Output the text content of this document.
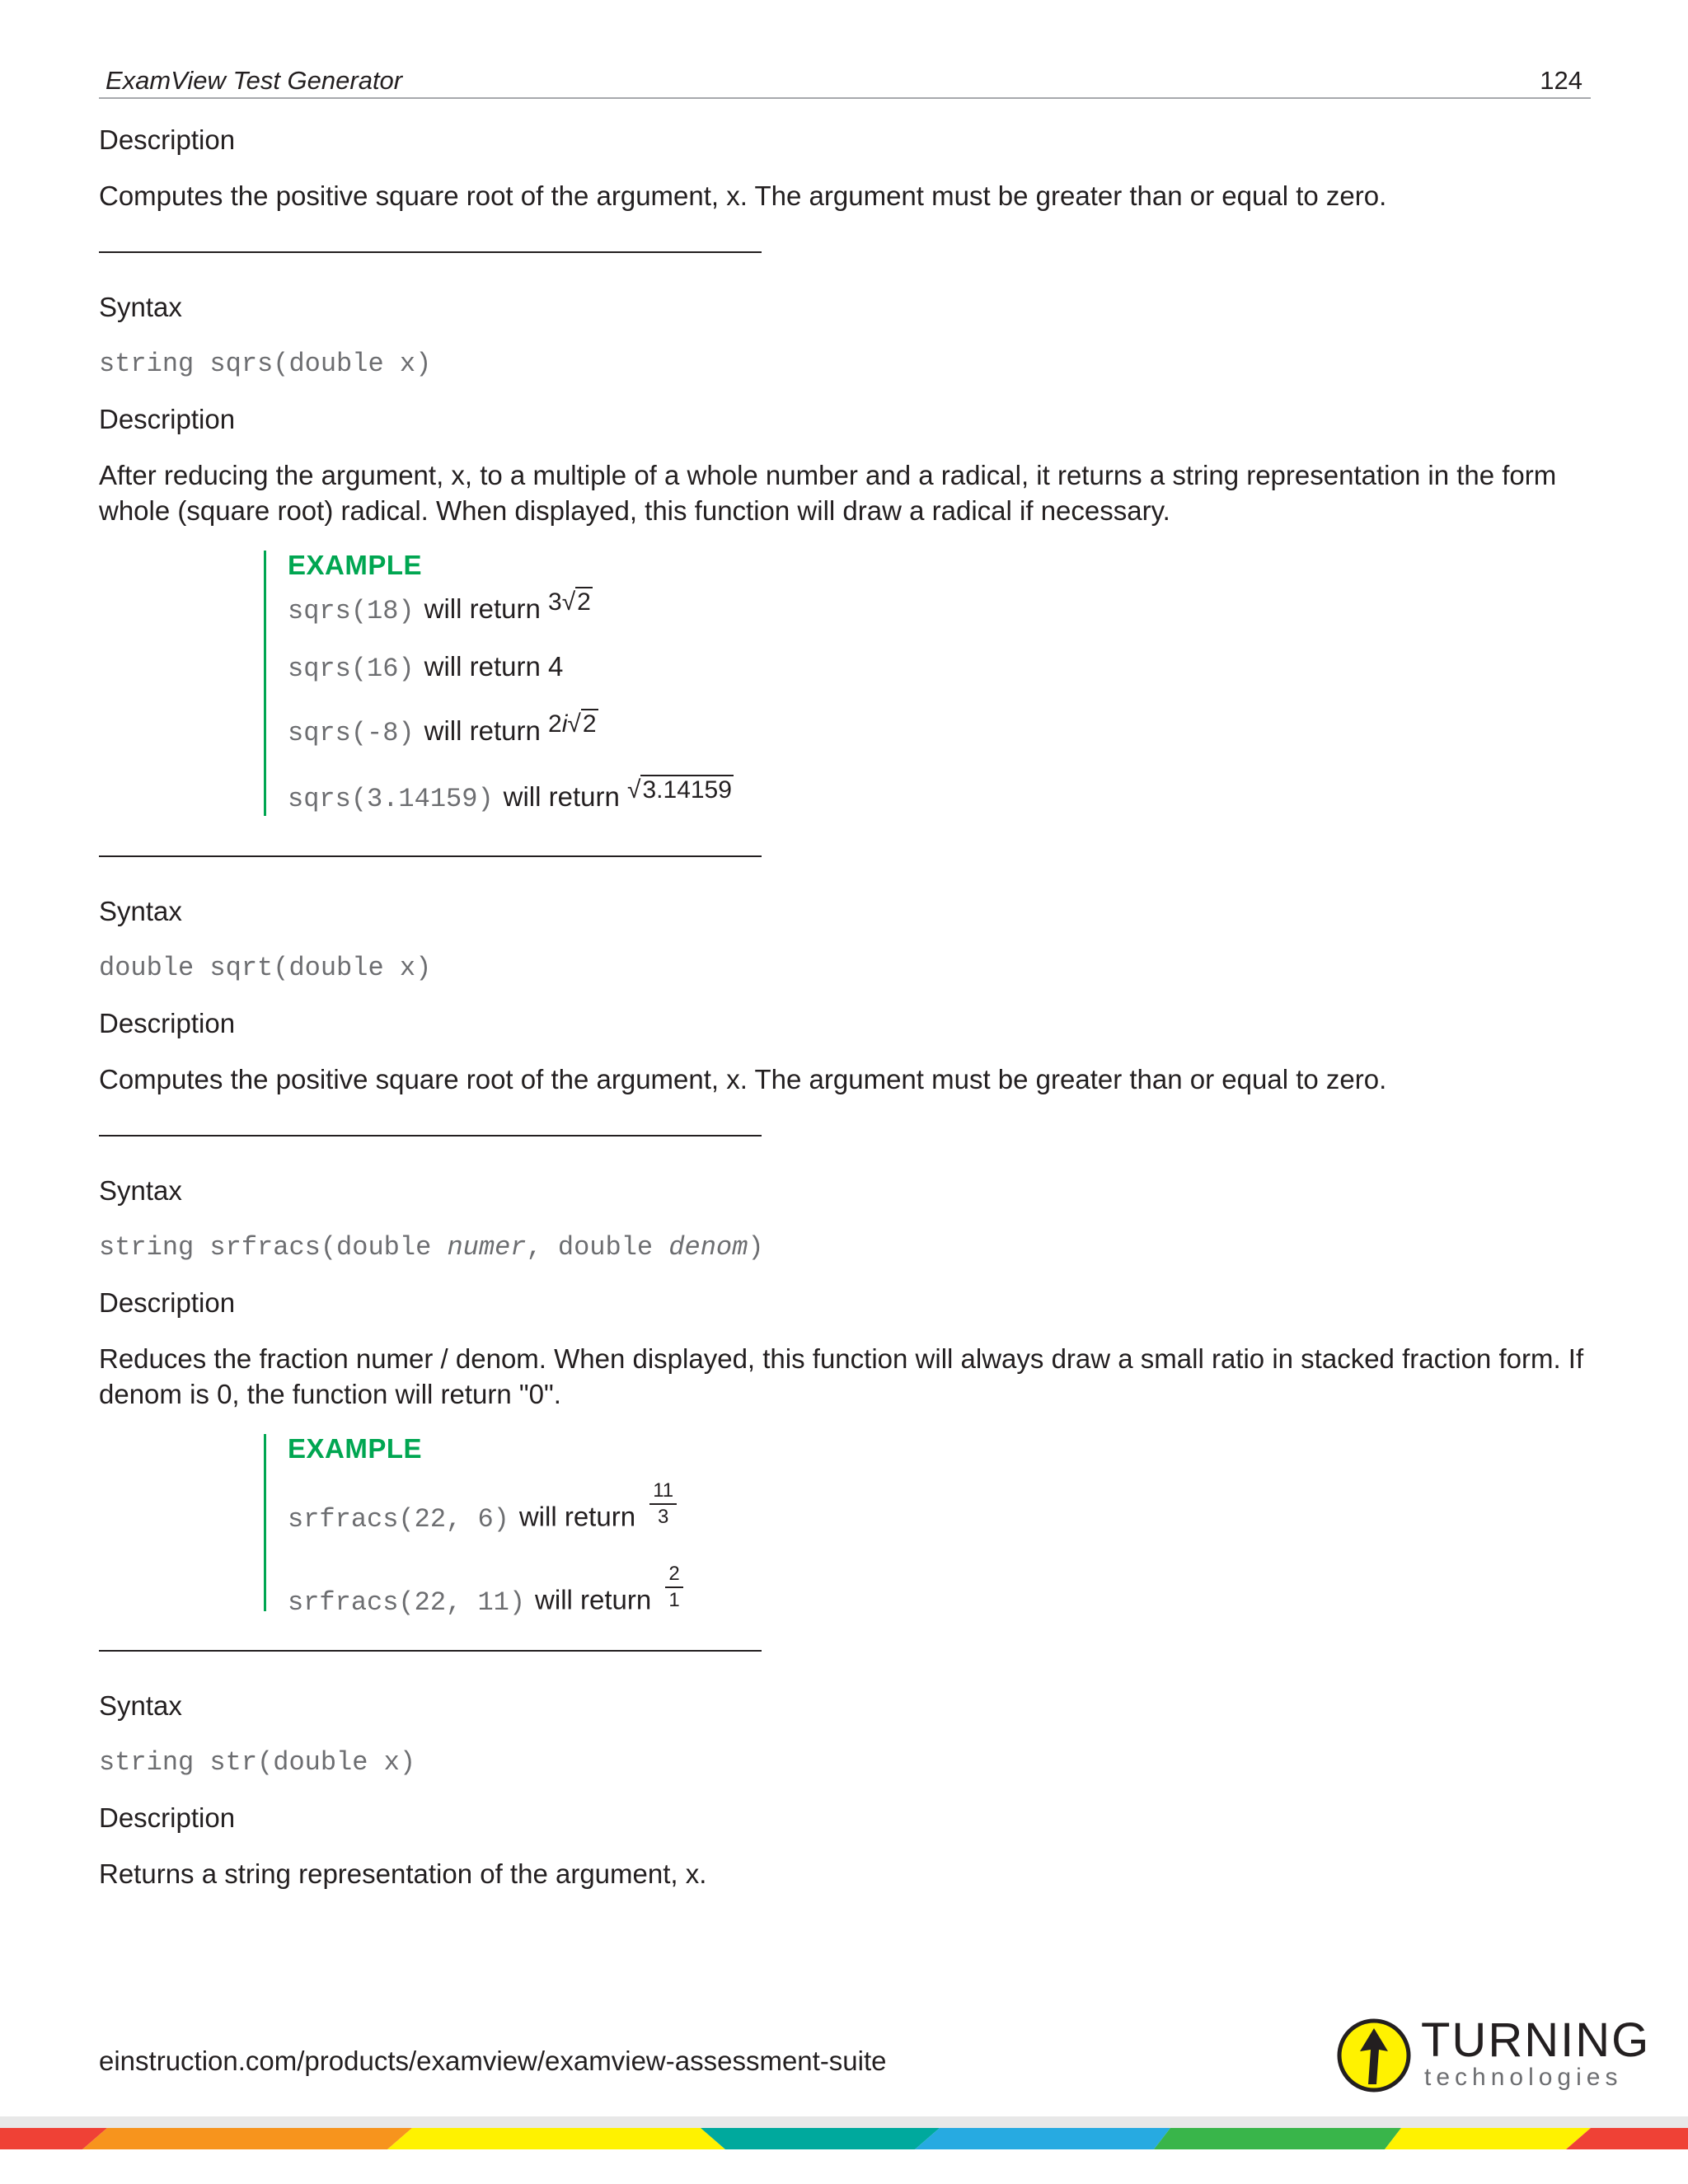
ExamView Test Generator	124
Description
Computes the positive square root of the argument, x. The argument must be greater than or equal to zero.
Syntax
string sqrs(double x)
Description
After reducing the argument, x, to a multiple of a whole number and a radical, it returns a string representation in the form whole (square root) radical. When displayed, this function will draw a radical if necessary.
EXAMPLE
sqrs(18) will return 3√2
sqrs(16) will return 4
sqrs(-8) will return 2i√2
sqrs(3.14159) will return √3.14159
Syntax
double sqrt(double x)
Description
Computes the positive square root of the argument, x. The argument must be greater than or equal to zero.
Syntax
string srfracs(double numer, double denom)
Description
Reduces the fraction numer / denom. When displayed, this function will always draw a small ratio in stacked fraction form. If denom is 0, the function will return "0".
EXAMPLE
srfracs(22, 6) will return $\frac{11}{3}$
srfracs(22, 11) will return $\frac{2}{1}$
Syntax
string str(double x)
Description
Returns a string representation of the argument, x.
einstruction.com/products/examview/examview-assessment-suite	TURNING
technologies
